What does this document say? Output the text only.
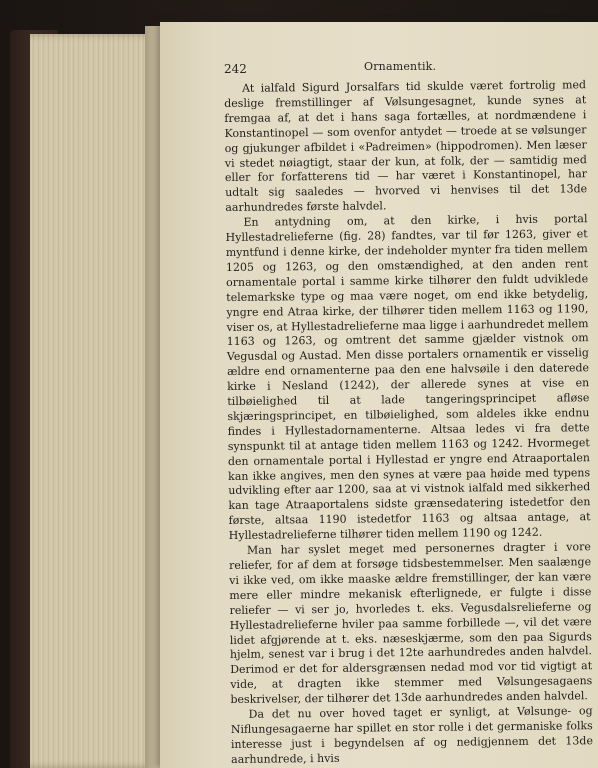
242	Ornamentik.

At ialfald Sigurd Jorsalfars tid skulde været fortrolig med deslige fremstillinger af Vølsungesagnet, kunde synes at fremgaa af, at det i hans saga fortælles, at nordmændene i Konstantinopel — som ovenfor antydet — troede at se vølsunger og gjukunger afbildet i «Padreimen» (hippodromen). Men læser vi stedet nøiagtigt, staar der kun, at folk, der — samtidig med eller for forfatterens tid — har været i Konstantinopel, har udtalt sig saaledes — hvorved vi henvises til det 13de aarhundredes første halvdel.

En antydning om, at den kirke, i hvis portal Hyllestadrelieferne (fig. 28) fandtes, var til før 1263, giver et myntfund i denne kirke, der indeholder mynter fra tiden mellem 1205 og 1263, og den omstændighed, at den anden rent ornamentale portal i samme kirke tilhører den fuldt udviklede telemarkske type og maa være noget, om end ikke betydelig, yngre end Atraa kirke, der tilhører tiden mellem 1163 og 1190, viser os, at Hyllestadrelieferne maa ligge i aarhundredet mellem 1163 og 1263, og omtrent det samme gjælder vistnok om Vegusdal og Austad. Men disse portalers ornamentik er visselig ældre end ornamenterne paa den ene halvsøile i den daterede kirke i Nesland (1242), der allerede synes at vise en tilbøielighed til at lade tangeringsprincipet afløse skjæringsprincipet, en tilbøielighed, som aldeles ikke endnu findes i Hyllestadornamenterne. Altsaa ledes vi fra dette synspunkt til at antage tiden mellem 1163 og 1242. Hvormeget den ornamentale portal i Hyllestad er yngre end Atraaportalen kan ikke angives, men den synes at være paa høide med typens udvikling efter aar 1200, saa at vi vistnok ialfald med sikkerhed kan tage Atraaportalens sidste grænsedatering istedetfor den første, altsaa 1190 istedetfor 1163 og altsaa antage, at Hyllestadrelieferne tilhører tiden mellem 1190 og 1242.

Man har syslet meget med personernes dragter i vore reliefer, for af dem at forsøge tidsbestemmelser. Men saalænge vi ikke ved, om ikke maaske ældre fremstillinger, der kan være mere eller mindre mekanisk efterlignede, er fulgte i disse reliefer — vi ser jo, hvorledes t. eks. Vegusdalsrelieferne og Hyllestadrelieferne hviler paa samme forbillede —, vil det være lidet afgjørende at t. eks. næseskjærme, som den paa Sigurds hjelm, senest var i brug i det 12te aarhundredes anden halvdel. Derimod er det for aldersgrænsen nedad mod vor tid vigtigt at vide, at dragten ikke stemmer med Vølsungesagaens beskrivelser, der tilhører det 13de aarhundredes anden halvdel.

Da det nu over hoved taget er synligt, at Vølsunge- og Niflungesagaerne har spillet en stor rolle i det germaniske folks interesse just i begyndelsen af og nedigjennem det 13de aarhundrede, i hvis
